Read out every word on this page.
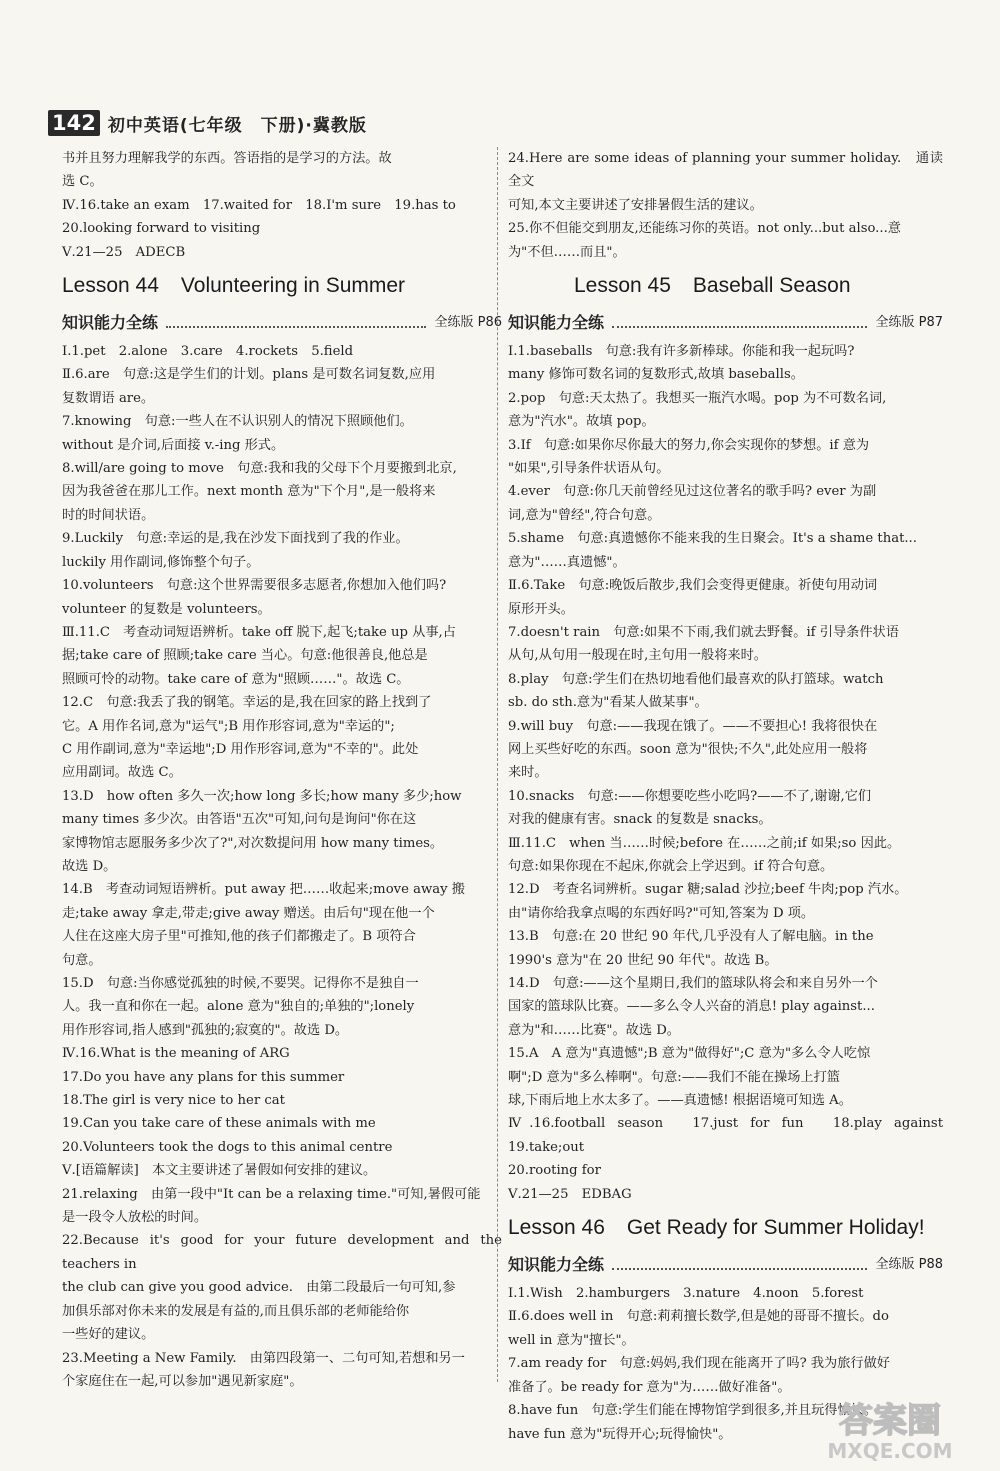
142 初中英语(七年级　下册)·冀教版

书并且努力理解我学的东西。答语指的是学习的方法。故

选 C。

Ⅳ.16.take an exam　17.waited for　18.I'm sure　19.has to

20.looking forward to visiting

Ⅴ.21—25　ADECB

Lesson 44 Volunteering in Summer
知识能力全练	全练版 P86

Ⅰ.1.pet　2.alone　3.care　4.rockets　5.field

Ⅱ.6.are　句意:这是学生们的计划。plans 是可数名词复数,应用

复数谓语 are。

7.knowing　句意:一些人在不认识别人的情况下照顾他们。

without 是介词,后面接 v.-ing 形式。

8.will/are going to move　句意:我和我的父母下个月要搬到北京,

因为我爸爸在那儿工作。next month 意为"下个月",是一般将来

时的时间状语。

9.Luckily　句意:幸运的是,我在沙发下面找到了我的作业。

luckily 用作副词,修饰整个句子。

10.volunteers　句意:这个世界需要很多志愿者,你想加入他们吗?

volunteer 的复数是 volunteers。

Ⅲ.11.C　考查动词短语辨析。take off 脱下,起飞;take up 从事,占

据;take care of 照顾;take care 当心。句意:他很善良,他总是

照顾可怜的动物。take care of 意为"照顾……"。故选 C。

12.C　句意:我丢了我的钢笔。幸运的是,我在回家的路上找到了

它。A 用作名词,意为"运气";B 用作形容词,意为"幸运的";

C 用作副词,意为"幸运地";D 用作形容词,意为"不幸的"。此处

应用副词。故选 C。

13.D　how often 多久一次;how long 多长;how many 多少;how

many times 多少次。由答语"五次"可知,问句是询问"你在这

家博物馆志愿服务多少次了?",对次数提问用 how many times。

故选 D。

14.B　考查动词短语辨析。put away 把……收起来;move away 搬

走;take away 拿走,带走;give away 赠送。由后句"现在他一个

人住在这座大房子里"可推知,他的孩子们都搬走了。B 项符合

句意。

15.D　句意:当你感觉孤独的时候,不要哭。记得你不是独自一

人。我一直和你在一起。alone 意为"独自的;单独的";lonely

用作形容词,指人感到"孤独的;寂寞的"。故选 D。

Ⅳ.16.What is the meaning of ARG

17.Do you have any plans for this summer

18.The girl is very nice to her cat

19.Can you take care of these animals with me

20.Volunteers took the dogs to this animal centre

Ⅴ.[语篇解读]　本文主要讲述了暑假如何安排的建议。

21.relaxing　由第一段中"It can be a relaxing time."可知,暑假可能

是一段令人放松的时间。

22.Because it's good for your future development and the teachers in

the club can give you good advice.　由第二段最后一句可知,参

加俱乐部对你未来的发展是有益的,而且俱乐部的老师能给你

一些好的建议。

23.Meeting a New Family.　由第四段第一、二句可知,若想和另一

个家庭住在一起,可以参加"遇见新家庭"。

24.Here are some ideas of planning your summer holiday.　通读全文

可知,本文主要讲述了安排暑假生活的建议。

25.你不但能交到朋友,还能练习你的英语。not only...but also...意

为"不但……而且"。

Lesson 45 Baseball Season
知识能力全练	全练版 P87

Ⅰ.1.baseballs　句意:我有许多新棒球。你能和我一起玩吗?

many 修饰可数名词的复数形式,故填 baseballs。

2.pop　句意:天太热了。我想买一瓶汽水喝。pop 为不可数名词,

意为"汽水"。故填 pop。

3.If　句意:如果你尽你最大的努力,你会实现你的梦想。if 意为

"如果",引导条件状语从句。

4.ever　句意:你几天前曾经见过这位著名的歌手吗? ever 为副

词,意为"曾经",符合句意。

5.shame　句意:真遗憾你不能来我的生日聚会。It's a shame that...

意为"……真遗憾"。

Ⅱ.6.Take　句意:晚饭后散步,我们会变得更健康。祈使句用动词

原形开头。

7.doesn't rain　句意:如果不下雨,我们就去野餐。if 引导条件状语

从句,从句用一般现在时,主句用一般将来时。

8.play　句意:学生们在热切地看他们最喜欢的队打篮球。watch

sb. do sth.意为"看某人做某事"。

9.will buy　句意:——我现在饿了。——不要担心! 我将很快在

网上买些好吃的东西。soon 意为"很快;不久",此处应用一般将

来时。

10.snacks　句意:——你想要吃些小吃吗?——不了,谢谢,它们

对我的健康有害。snack 的复数是 snacks。

Ⅲ.11.C　when 当……时候;before 在……之前;if 如果;so 因此。

句意:如果你现在不起床,你就会上学迟到。if 符合句意。

12.D　考查名词辨析。sugar 糖;salad 沙拉;beef 牛肉;pop 汽水。

由"请你给我拿点喝的东西好吗?"可知,答案为 D 项。

13.B　句意:在 20 世纪 90 年代,几乎没有人了解电脑。in the

1990's 意为"在 20 世纪 90 年代"。故选 B。

14.D　句意:——这个星期日,我们的篮球队将会和来自另外一个

国家的篮球队比赛。——多么令人兴奋的消息! play against...

意为"和……比赛"。故选 D。

15.A　A 意为"真遗憾";B 意为"做得好";C 意为"多么令人吃惊

啊";D 意为"多么棒啊"。句意:——我们不能在操场上打篮

球,下雨后地上水太多了。——真遗憾! 根据语境可知选 A。

Ⅳ.16.football season　17.just for fun　18.play against　19.take;out

20.rooting for

Ⅴ.21—25　EDBAG

Lesson 46 Get Ready for Summer Holiday!
知识能力全练	全练版 P88

Ⅰ.1.Wish　2.hamburgers　3.nature　4.noon　5.forest

Ⅱ.6.does well in　句意:莉莉擅长数学,但是她的哥哥不擅长。do

well in 意为"擅长"。

7.am ready for　句意:妈妈,我们现在能离开了吗? 我为旅行做好

准备了。be ready for 意为"为……做好准备"。

8.have fun　句意:学生们能在博物馆学到很多,并且玩得愉快。

have fun 意为"玩得开心;玩得愉快"。	答案圈
MXQE.COM
